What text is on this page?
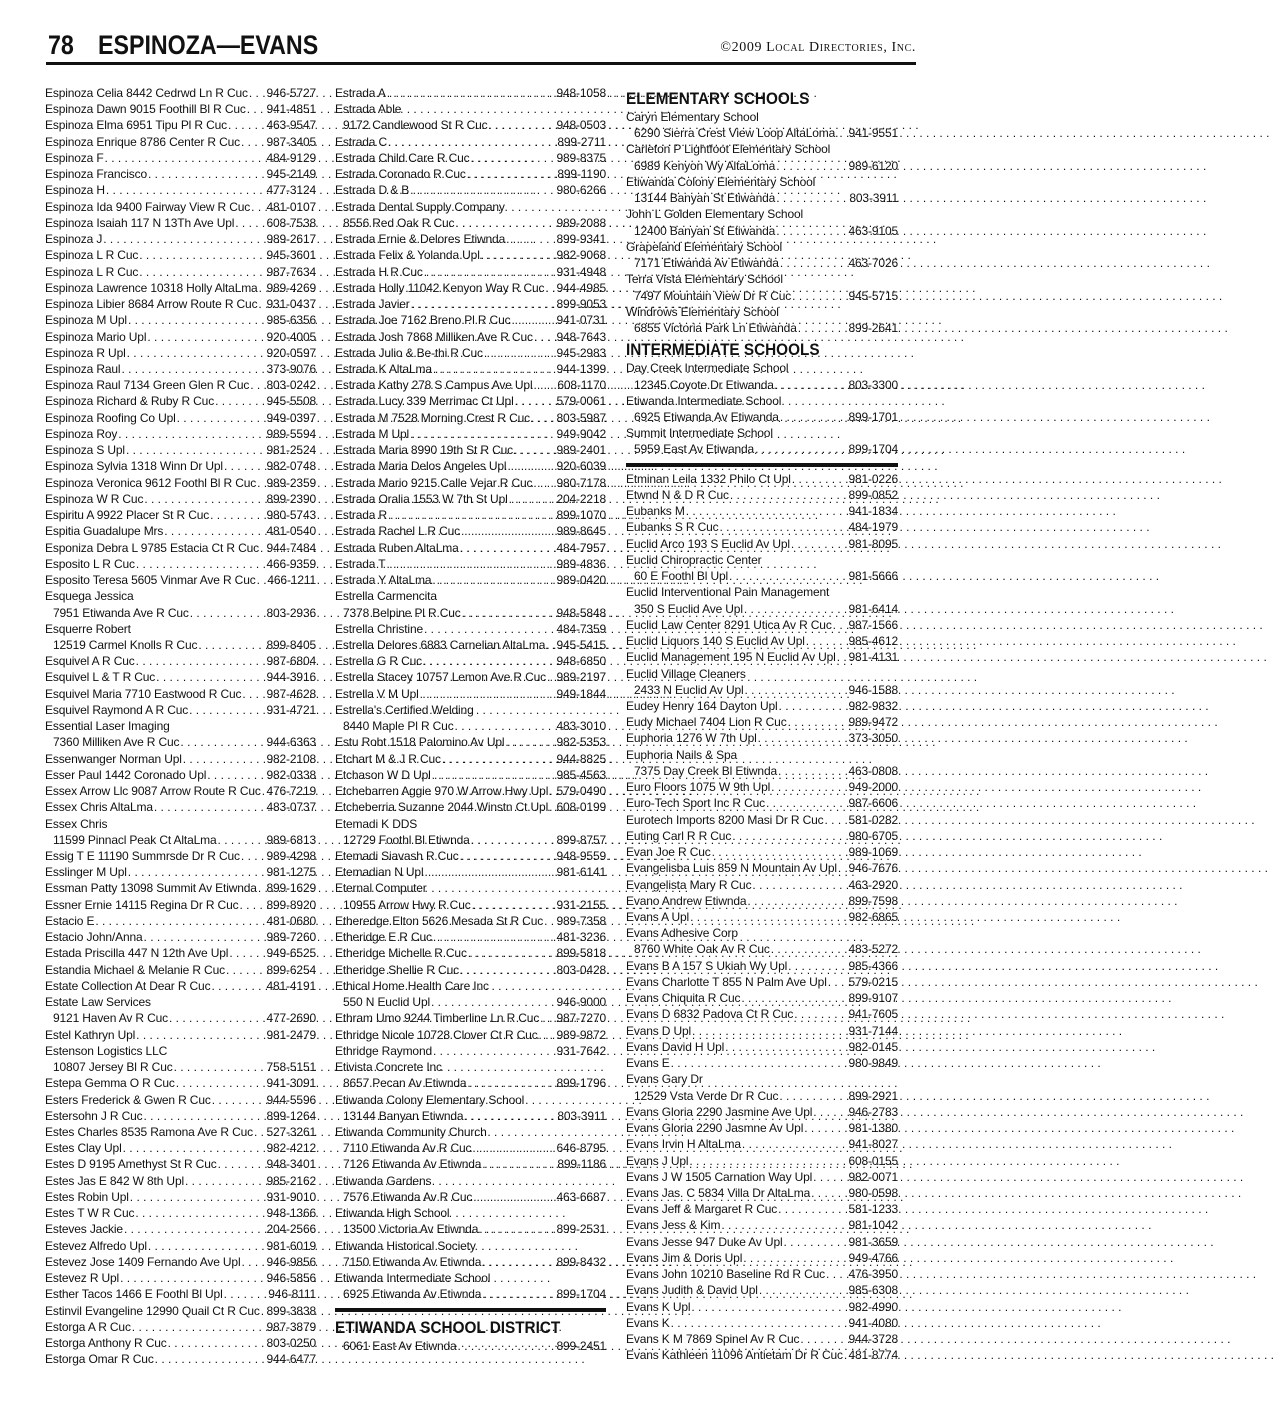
78 ESPINOZA—EVANS	©2009 Local Directories, Inc.
Espinoza Celia 8442 Cedrwd Ln R Cuc . . . 946-5727
Espinoza Dawn 9015 Foothill Bl R Cuc . . . 941-4851
Espinoza Elma 6951 Tipu Pl R Cuc . . .	463-9547
Espinoza Enrique 8786 Center R Cuc . . . 987-3405
Espinoza F . . .	484-9129
Espinoza Francisco . . .	945-2149
Espinoza H . . .	477-3124
Espinoza Ida 9400 Fairway View R Cuc . . . 481-0107
Espinoza Isaiah 117 N 13Th Ave Upl . . .	608-7538
Espinoza J . . .	989-2617
Espinoza L R Cuc . . .	945-3601
Espinoza L R Cuc . . .	987-7634
Espinoza Lawrence 10318 Holly AltaLma . . . 989-4269
Espinoza Libier 8684 Arrow Route R Cuc . . . 931-0437
Espinoza M Upl . . .	985-6356
Espinoza Mario Upl . . .	920-4005
Espinoza R Upl . . .	920-0597
Espinoza Raul . . .	373-9076
Espinoza Raul 7134 Green Glen R Cuc . . . 803-0242
Espinoza Richard & Ruby R Cuc . . .	945-5508
Espinoza Roofing Co Upl . . .	949-0397
Espinoza Roy . . .	989-5594
Espinoza S Upl . . .	981-2524
Espinoza Sylvia 1318 Winn Dr Upl . . .	982-0748
Espinoza Veronica 9612 Foothl Bl R Cuc . . . 989-2359
Espinoza W R Cuc . . .	899-2390
Espiritu A 9922 Placer St R Cuc . . .	980-5743
Espitia Guadalupe Mrs . . .	481-0540
Esponiza Debra L 9785 Estacia Ct R Cuc . . . 944-7484
Esposito L R Cuc . . .	466-9359
Esposito Teresa 5605 Vinmar Ave R Cuc . . . 466-1211
Esquega Jessica
7951 Etiwanda Ave R Cuc . . .	803-2936
Esquerre Robert
12519 Carmel Knolls R Cuc . . .	899-8405
Esquivel A R Cuc . . .	987-6804
Esquivel L & T R Cuc . . .	944-3916
Esquivel Maria 7710 Eastwood R Cuc . . . 987-4628
Esquivel Raymond A R Cuc . . .	931-4721
Essential Laser Imaging
7360 Milliken Ave R Cuc . . .	944-6363
Essenwanger Norman Upl . . .	982-2108
Esser Paul 1442 Coronado Upl . . .	982-0338
Essex Arrow Llc 9087 Arrow Route R Cuc . . . 476-7219
Essex Chris AltaLma . . .	483-0737
Essex Chris
11599 Pinnacl Peak Ct AltaLma . . .	989-6813
Essig T E 11190 Summrsde Dr R Cuc . . . 989-4298
Esslinger M Upl . . .	981-1275
Essman Patty 13098 Summit Av Etiwnda . . . 899-1629
Essner Ernie 14115 Regina Dr R Cuc . . . 899-8920
Estacio E . . .	481-0680
Estacio John/Anna . . .	989-7260
Estada Priscilla 447 N 12th Ave Upl . . .	949-6525
Estandia Michael & Melanie R Cuc . . .	899-6254
Estate Collection At Dear R Cuc . . .	481-4191
Estate Law Services
9121 Haven Av R Cuc . . .	477-2690
Estel Kathryn Upl . . .	981-2479
Estenson Logistics LLC
10807 Jersey Bl R Cuc . . .	758-5151
Estepa Gemma O R Cuc . . .	941-3091
Esters Frederick & Gwen R Cuc . . .	944-5596
Estersohn J R Cuc . . .	899-1264
Estes Charles 8535 Ramona Ave R Cuc . . . 527-3261
Estes Clay Upl . . .	982-4212
Estes D 9195 Amethyst St R Cuc . . .	948-3401
Estes Jas E 842 W 8th Upl . . .	985-2162
Estes Robin Upl . . .	931-9010
Estes T W R Cuc . . .	948-1366
Esteves Jackie . . .	204-2566
Estevez Alfredo Upl . . .	981-6019
Estevez Jose 1409 Fernando Ave Upl . . . 946-9856
Estevez R Upl . . .	946-5856
Esther Tacos 1466 E Foothl Bl Upl . . .	946-8111
Estinvil Evangeline 12990 Quail Ct R Cuc . . . 899-3838
Estorga A R Cuc . . .	987-3879
Estorga Anthony R Cuc . . .	803-0250
Estorga Omar R Cuc . . .	944-6477
Estrada A . . .	948-1058
Estrada Able
9172 Candlewood St R Cuc . . .	948-0503
Estrada C . . .	899-2711
Estrada Child Care R Cuc . . .	989-8375
Estrada Coronado R Cuc . . .	899-1190
Estrada D & B . . .	980-6266
Estrada Dental Supply Company
8556 Red Oak R Cuc . . .	989-2088
Estrada Ernie & Delores Etiwnda . . .	899-9341
Estrada Felix & Yolanda Upl . . .	982-9068
Estrada H R Cuc . . .	931-4948
Estrada Holly 11042 Kenyon Way R Cuc . . . 944-4985
Estrada Javier . . .	899-9053
Estrada Joe 7162 Breno Pl R Cuc . . .	941-0731
Estrada Josh 7868 Milliken Ave R Cuc . . . 948-7643
Estrada Julio & Be-thi R Cuc . . .	945-2983
Estrada K AltaLma . . .	944-1399
Estrada Kathy 278 S Campus Ave Upl . . . 608-1170
Estrada Lucy 339 Merrimac Ct Upl . . .	579-0061
Estrada M 7528 Morning Crest R Cuc . . . 803-5987
Estrada M Upl . . .	949-9042
Estrada Maria 8990 19th St R Cuc . . .	989-2401
Estrada Maria Delos Angeles Upl . . .	920-6039
Estrada Mario 9215 Calle Vejar R Cuc . . . 980-7178
Estrada Oralia 1553 W 7th St Upl . . .	204-2218
Estrada R . . .	899-1070
Estrada Rachel L R Cuc . . .	989-8645
Estrada Ruben AltaLma . . .	484-7957
Estrada T . . .	989-4836
Estrada Y AltaLma . . .	989-0420
Estrella Carmencita
7378 Belpine Pl R Cuc . . .	948-5848
Estrella Christine . . .	484-7359
Estrella Delores 6883 Carnelian AltaLma . . . 945-5415
Estrella G R Cuc . . .	948-6850
Estrella Stacey 10757 Lemon Ave R Cuc . . . 989-2197
Estrella V M Upl . . .	949-1844
Estrella's Certified Welding
8440 Maple Pl R Cuc . . .	483-3010
Estu Robt 1518 Palomino Av Upl . . .	982-5353
Etchart M & J R Cuc . . .	944-8825
Etchason W D Upl . . .	985-4563
Etchebarren Aggie 970 W Arrow Hwy Upl . . . 579-0490
Etcheberria Suzanne 2044 Winstn Ct Upl . . . 608-0199
Etemadi K DDS
12729 Foothl Bl Etiwnda . . .	899-8757
Etemadi Siavash R Cuc . . .	948-9559
Etemadian N Upl . . .	981-6141
Eternal Computer
10955 Arrow Hwy R Cuc . . .	931-2155
Etheredge Elton 5626 Mesada St R Cuc . . . 989-7358
Etheridge E R Cuc . . .	481-3236
Etheridge Michelle R Cuc . . .	899-5818
Etheridge Shellie R Cuc . . .	803-0428
Ethical Home Health Care Inc
550 N Euclid Upl . . .	946-9000
Ethram Umo 9244 Timberline Ln R Cuc . . . 987-7270
Ethridge Nicole 10728 Clover Ct R Cuc . . . 989-9872
Ethridge Raymond . . .	931-7642
Etivista Concrete Inc
8657 Pecan Av Etiwnda . . .	899-1796
Etiwanda Colony Elementary School
13144 Banyan Etiwnda . . .	803-3911
Etiwanda Community Church
7110 Etiwanda Av R Cuc . . .	646-8795
7126 Etiwanda Av Etiwnda . . .	899-1186
Etiwanda Gardens
7576 Etiwanda Av R Cuc . . .	463-6687
Etiwanda High School
13500 Victoria Av Etiwnda . . .	899-2531
Etiwanda Historical Society
7150 Etiwanda Av Etiwnda . . .	899-8432
Etiwanda Intermediate School
6925 Etiwanda Av Etiwnda . . .	899-1704
ETIWANDA SCHOOL DISTRICT
6061 East Av Etiwnda . . .	899-2451
ELEMENTARY SCHOOLS
Caryn Elementary School
6290 Sierra Crest View Loop AltaLoma. . . . 941-9551
Carleton P Lightfoot Elementary School
6989 Kenyon Wy AltaLoma . . .	989-6120
Etiwanda Colony Elementary School
13144 Banyan St Etiwanda . . .	803-3911
John L Golden Elementary School
12400 Banyan St Etiwanda . . .	463-9105
Grapeland Elementary School
7171 Etiwanda Av Etiwanda . . .	463-7026
Terra Vista Elementary School
7497 Mountain View Dr R Cuc . . .	945-5715
Windrows Elementary School
6855 Victoria Park Ln Etiwanda . . .	899-2641
INTERMEDIATE SCHOOLS
Day Creek Intermediate School
12345 Coyote Dr Etiwanda . . .	803-3300
Etiwanda Intermediate School
6925 Etiwanda Av Etiwanda . . .	899-1701
Summit Intermediate School
5959 East Av Etiwanda . . .	899-1704
Etminan Leila 1332 Philo Ct Upl . . .	981-0226
Etwnd N & D R Cuc . . .	899-0852
Eubanks M . . .	941-1834
Eubanks S R Cuc . . .	484-1979
Euclid Arco 193 S Euclid Av Upl . . .	981-8095
Euclid Chiropractic Center
60 E Foothl Bl Upl . . .	981-5666
Euclid Interventional Pain Management
350 S Euclid Ave Upl . . .	981-6414
Euclid Law Center 8291 Utica Av R Cuc . . . 987-1566
Euclid Liquors 140 S Euclid Av Upl . . .	985-4612
Euclid Management 195 N Euclid Av Upl . . . 981-4131
Euclid Village Cleaners
2433 N Euclid Av Upl . . .	946-1588
Eudey Henry 164 Dayton Upl . . .	982-9832
Eudy Michael 7404 Lion R Cuc . . .	989-9472
Euphoria 1276 W 7th Upl . . .	373-3050
Euphoria Nails & Spa
7375 Day Creek Bl Etiwnda . . .	463-0808
Euro Floors 1075 W 9th Upl . . .	949-2000
Euro-Tech Sport Inc R Cuc . . .	987-6606
Eurotech Imports 8200 Masi Dr R Cuc . . . 581-0282
Euting Carl R R Cuc . . .	980-6705
Evan Joe R Cuc . . .	989-1069
Evangelisba Luis 859 N Mountain Av Upl . . . 946-7676
Evangelista Mary R Cuc . . .	463-2920
Evano Andrew Etiwnda . . .	899-7598
Evans A Upl . . .	982-6865
Evans Adhesive Corp
8760 White Oak Av R Cuc . . .	483-5272
Evans B A 157 S Ukiah Wy Upl . . .	985-4366
Evans Charlotte T 855 N Palm Ave Upl . . . 579-0215
Evans Chiquita R Cuc . . .	899-9107
Evans D 6832 Padova Ct R Cuc . . .	941-7605
Evans D Upl . . .	931-7144
Evans David H Upl . . .	982-0145
Evans E . . .	980-9849
Evans Gary Dr
12529 Vsta Verde Dr R Cuc . . .	899-2921
Evans Gloria 2290 Jasmine Ave Upl . . .	946-2783
Evans Gloria 2290 Jasmne Av Upl . . .	981-1380
Evans Irvin H AltaLma . . .	941-8027
Evans J Upl . . .	608-0155
Evans J W 1505 Carnation Way Upl . . .	982-0071
Evans Jas. C 5834 Villa Dr AltaLma . . .	980-0598
Evans Jeff & Margaret R Cuc . . .	581-1233
Evans Jess & Kim . . .	981-1042
Evans Jesse 947 Duke Av Upl . . .	981-3659
Evans Jim & Doris Upl . . .	949-4766
Evans John 10210 Baseline Rd R Cuc . . . 476-3950
Evans Judith & David Upl . . .	985-6308
Evans K Upl . . .	982-4990
Evans K . . .	941-4080
Evans K M 7869 Spinel Av R Cuc . . .	944-3728
Evans Kathleen 11096 Antietam Dr R Cuc . . . 481-8774
